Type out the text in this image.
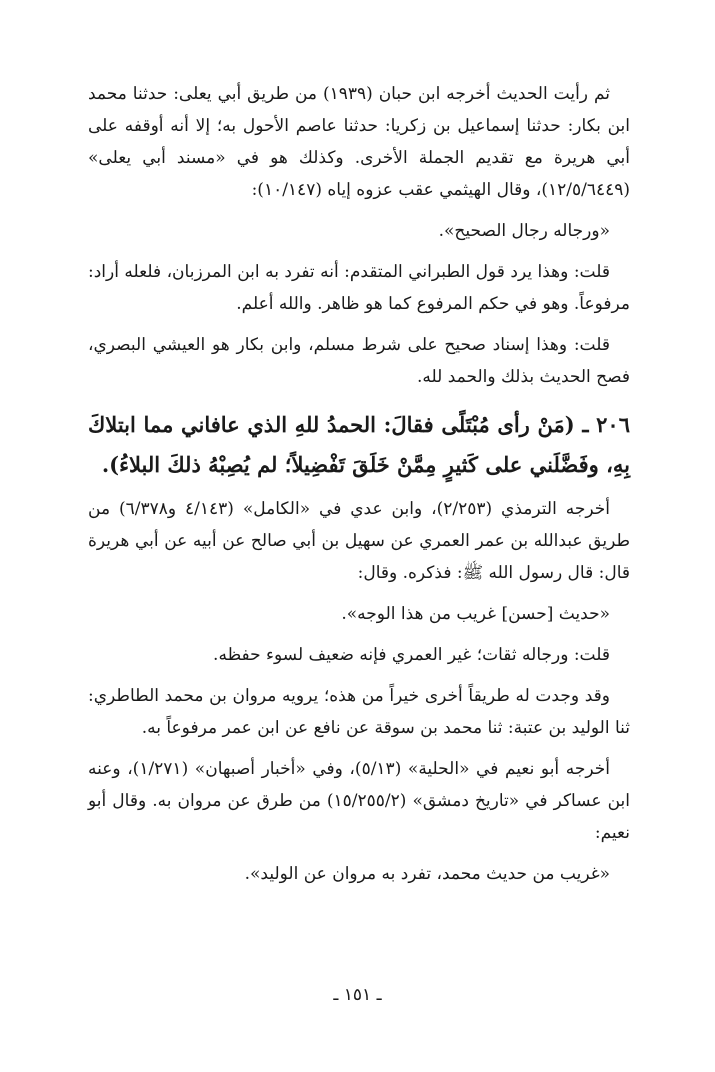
ثم رأيت الحديث أخرجه ابن حبان (١٩٣٩) من طريق أبي يعلى: حدثنا محمد ابن بكار: حدثنا إسماعيل بن زكريا: حدثنا عاصم الأحول به؛ إلا أنه أوقفه على أبي هريرة مع تقديم الجملة الأخرى. وكذلك هو في «مسند أبي يعلى» (١٢/٥/٦٤٤٩)، وقال الهيثمي عقب عزوه إياه (١٠/١٤٧):

«ورجاله رجال الصحيح».

قلت: وهذا يرد قول الطبراني المتقدم: أنه تفرد به ابن المرزبان، فلعله أراد: مرفوعاً. وهو في حكم المرفوع كما هو ظاهر. والله أعلم.

قلت: وهذا إسناد صحيح على شرط مسلم، وابن بكار هو العيشي البصري، فصح الحديث بذلك والحمد لله.

٢٠٦ ـ (مَنْ رأى مُبْتَلًى فقالَ: الحمدُ للهِ الذي عافاني مما ابتلاكَ بِهِ، وفَضَّلَني على كَثيرٍ مِمَّنْ خَلَقَ تَفْضِيلاً؛ لم يُصِبْهُ ذلكَ البلاءُ).

أخرجه الترمذي (٢/٢٥٣)، وابن عدي في «الكامل» (٤/١٤٣ و٦/٣٧٨) من طريق عبدالله بن عمر العمري عن سهيل بن أبي صالح عن أبيه عن أبي هريرة قال: قال رسول الله ﷺ: فذكره. وقال:

«حديث [حسن] غريب من هذا الوجه».

قلت: ورجاله ثقات؛ غير العمري فإنه ضعيف لسوء حفظه.

وقد وجدت له طريقاً أخرى خيراً من هذه؛ يرويه مروان بن محمد الطاطري: ثنا الوليد بن عتبة: ثنا محمد بن سوقة عن نافع عن ابن عمر مرفوعاً به.

أخرجه أبو نعيم في «الحلية» (٥/١٣)، وفي «أخبار أصبهان» (١/٢٧١)، وعنه ابن عساكر في «تاريخ دمشق» (١٥/٢٥٥/٢) من طرق عن مروان به. وقال أبو نعيم:

«غريب من حديث محمد، تفرد به مروان عن الوليد».

ـ ١٥١ ـ
